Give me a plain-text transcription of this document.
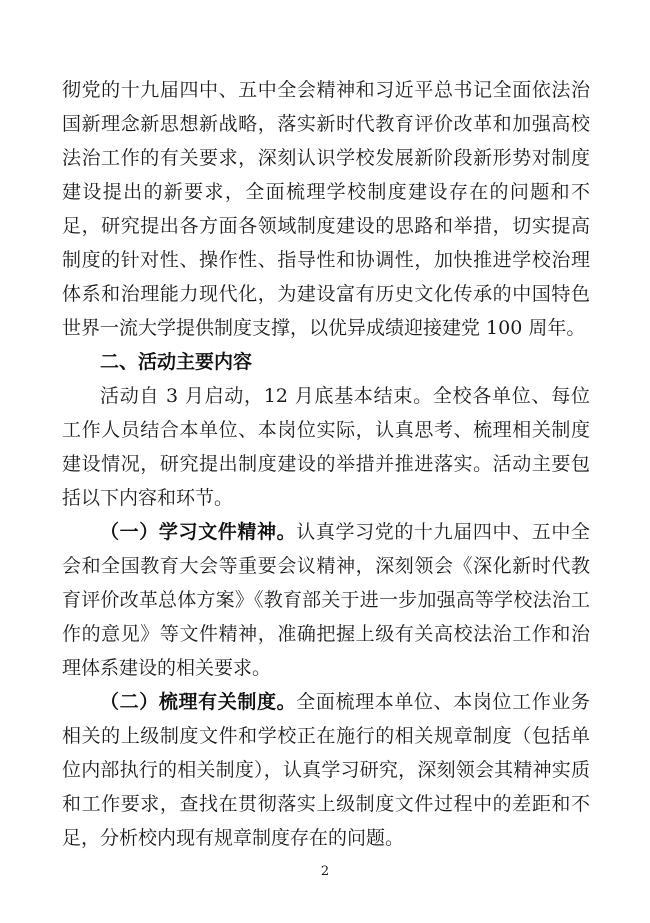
彻党的十九届四中、五中全会精神和习近平总书记全面依法治国新理念新思想新战略，落实新时代教育评价改革和加强高校法治工作的有关要求，深刻认识学校发展新阶段新形势对制度建设提出的新要求，全面梳理学校制度建设存在的问题和不足，研究提出各方面各领域制度建设的思路和举措，切实提高制度的针对性、操作性、指导性和协调性，加快推进学校治理体系和治理能力现代化，为建设富有历史文化传承的中国特色世界一流大学提供制度支撑，以优异成绩迎接建党 100 周年。

二、活动主要内容

活动自 3 月启动，12 月底基本结束。全校各单位、每位工作人员结合本单位、本岗位实际，认真思考、梳理相关制度建设情况，研究提出制度建设的举措并推进落实。活动主要包括以下内容和环节。

（一）学习文件精神。认真学习党的十九届四中、五中全会和全国教育大会等重要会议精神，深刻领会《深化新时代教育评价改革总体方案》《教育部关于进一步加强高等学校法治工作的意见》等文件精神，准确把握上级有关高校法治工作和治理体系建设的相关要求。

（二）梳理有关制度。全面梳理本单位、本岗位工作业务相关的上级制度文件和学校正在施行的相关规章制度（包括单位内部执行的相关制度），认真学习研究，深刻领会其精神实质和工作要求，查找在贯彻落实上级制度文件过程中的差距和不足，分析校内现有规章制度存在的问题。

2
